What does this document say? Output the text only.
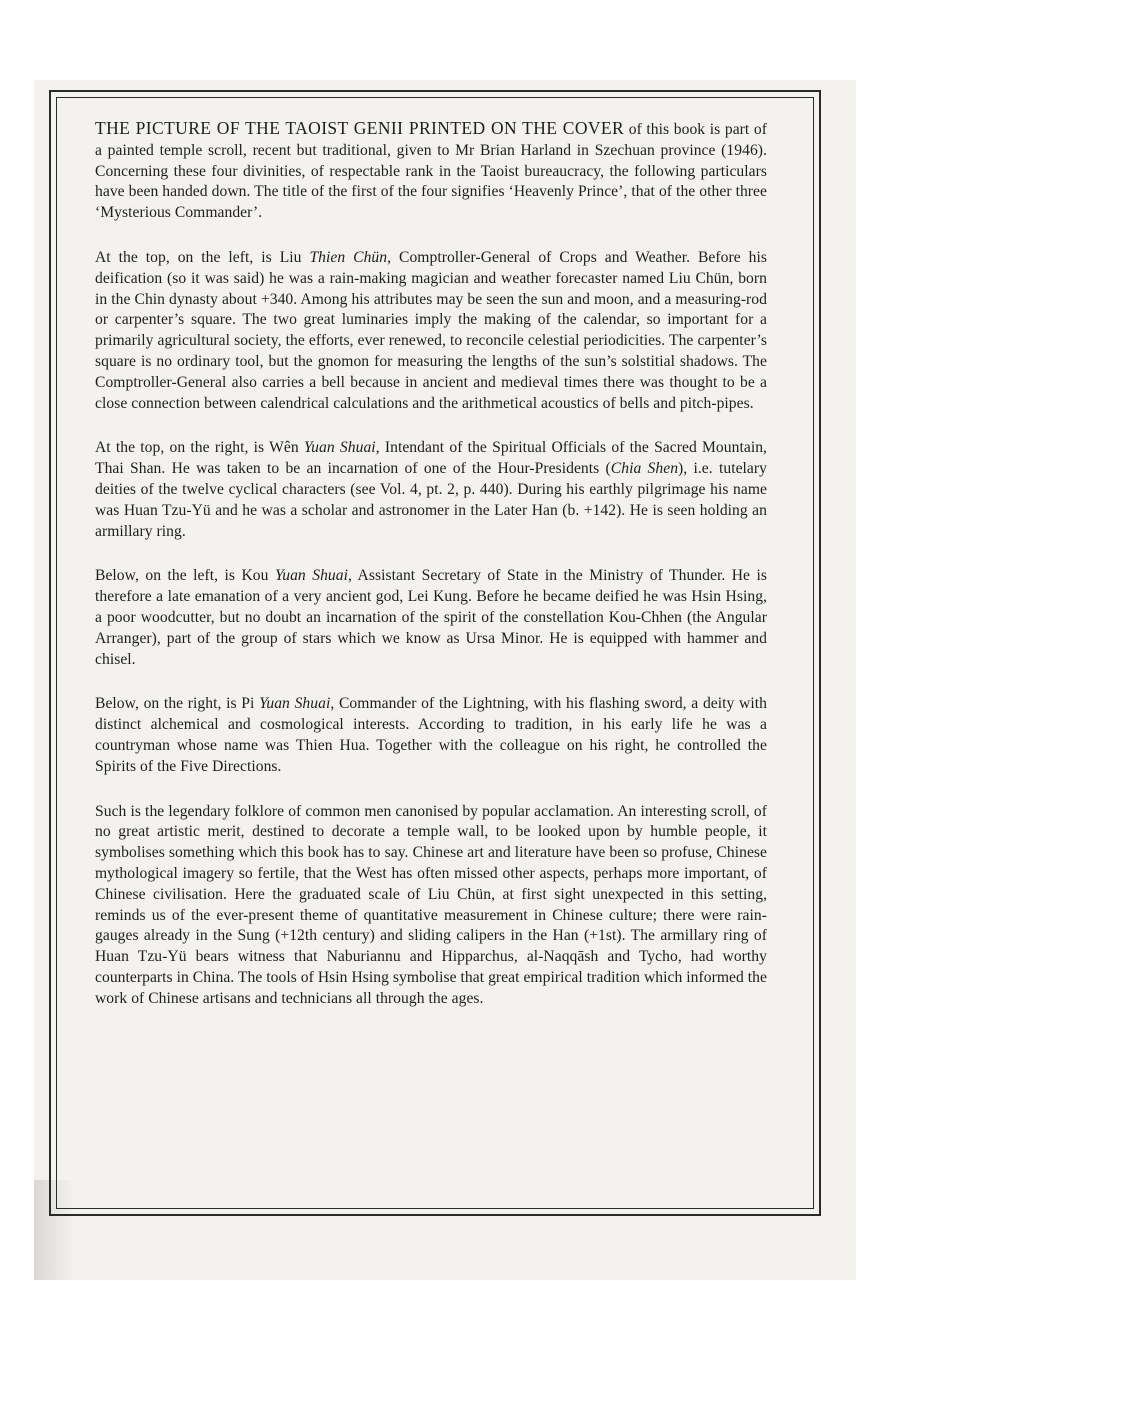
THE PICTURE OF THE TAOIST GENII PRINTED ON THE COVER of this book is part of a painted temple scroll, recent but traditional, given to Mr Brian Harland in Szechuan province (1946). Concerning these four divinities, of respectable rank in the Taoist bureaucracy, the following particulars have been handed down. The title of the first of the four signifies ‘Heavenly Prince’, that of the other three ‘Mysterious Commander’.

At the top, on the left, is Liu Thien Chün, Comptroller-General of Crops and Weather. Before his deification (so it was said) he was a rain-making magician and weather forecaster named Liu Chün, born in the Chin dynasty about +340. Among his attributes may be seen the sun and moon, and a measuring-rod or carpenter’s square. The two great luminaries imply the making of the calendar, so important for a primarily agricultural society, the efforts, ever renewed, to reconcile celestial periodicities. The carpenter’s square is no ordinary tool, but the gnomon for measuring the lengths of the sun’s solstitial shadows. The Comptroller-General also carries a bell because in ancient and medieval times there was thought to be a close connection between calendrical calculations and the arithmetical acoustics of bells and pitch-pipes.

At the top, on the right, is Wên Yuan Shuai, Intendant of the Spiritual Officials of the Sacred Mountain, Thai Shan. He was taken to be an incarnation of one of the Hour-Presidents (Chia Shen), i.e. tutelary deities of the twelve cyclical characters (see Vol. 4, pt. 2, p. 440). During his earthly pilgrimage his name was Huan Tzu-Yü and he was a scholar and astronomer in the Later Han (b. +142). He is seen holding an armillary ring.

Below, on the left, is Kou Yuan Shuai, Assistant Secretary of State in the Ministry of Thunder. He is therefore a late emanation of a very ancient god, Lei Kung. Before he became deified he was Hsin Hsing, a poor woodcutter, but no doubt an incarnation of the spirit of the constellation Kou-Chhen (the Angular Arranger), part of the group of stars which we know as Ursa Minor. He is equipped with hammer and chisel.

Below, on the right, is Pi Yuan Shuai, Commander of the Lightning, with his flashing sword, a deity with distinct alchemical and cosmological interests. According to tradition, in his early life he was a countryman whose name was Thien Hua. Together with the colleague on his right, he controlled the Spirits of the Five Directions.

Such is the legendary folklore of common men canonised by popular acclamation. An interesting scroll, of no great artistic merit, destined to decorate a temple wall, to be looked upon by humble people, it symbolises something which this book has to say. Chinese art and literature have been so profuse, Chinese mythological imagery so fertile, that the West has often missed other aspects, perhaps more important, of Chinese civilisation. Here the graduated scale of Liu Chün, at first sight unexpected in this setting, reminds us of the ever-present theme of quantitative measurement in Chinese culture; there were rain-gauges already in the Sung (+12th century) and sliding calipers in the Han (+1st). The armillary ring of Huan Tzu-Yü bears witness that Naburiannu and Hipparchus, al-Naqqāsh and Tycho, had worthy counterparts in China. The tools of Hsin Hsing symbolise that great empirical tradition which informed the work of Chinese artisans and technicians all through the ages.
